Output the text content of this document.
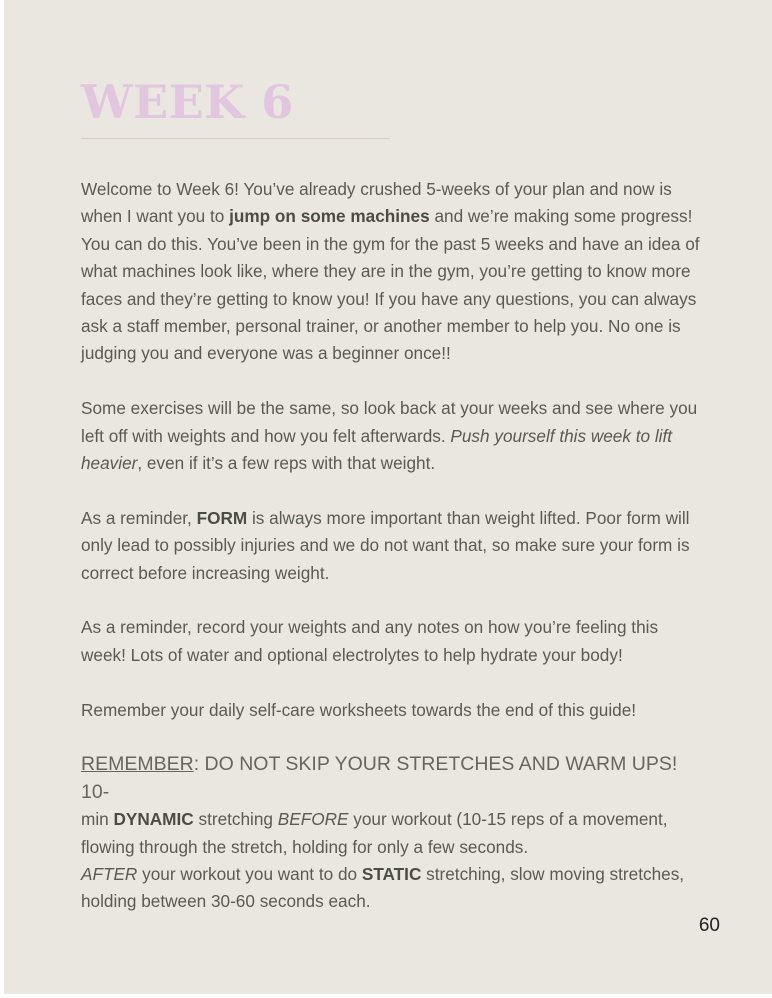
WEEK 6

Welcome to Week 6! You’ve already crushed 5-weeks of your plan and now is when I want you to jump on some machines and we’re making some progress! You can do this. You’ve been in the gym for the past 5 weeks and have an idea of what machines look like, where they are in the gym, you’re getting to know more faces and they’re getting to know you! If you have any questions, you can always ask a staff member, personal trainer, or another member to help you. No one is judging you and everyone was a beginner once!!

Some exercises will be the same, so look back at your weeks and see where you left off with weights and how you felt afterwards. Push yourself this week to lift heavier, even if it’s a few reps with that weight.

As a reminder, FORM is always more important than weight lifted. Poor form will only lead to possibly injuries and we do not want that, so make sure your form is correct before increasing weight.

As a reminder, record your weights and any notes on how you’re feeling this week! Lots of water and optional electrolytes to help hydrate your body!

Remember your daily self-care worksheets towards the end of this guide!

REMEMBER: DO NOT SKIP YOUR STRETCHES AND WARM UPS! 10-
min DYNAMIC stretching BEFORE your workout (10-15 reps of a movement, flowing through the stretch, holding for only a few seconds.
AFTER your workout you want to do STATIC stretching, slow moving stretches, holding between 30-60 seconds each.

60
